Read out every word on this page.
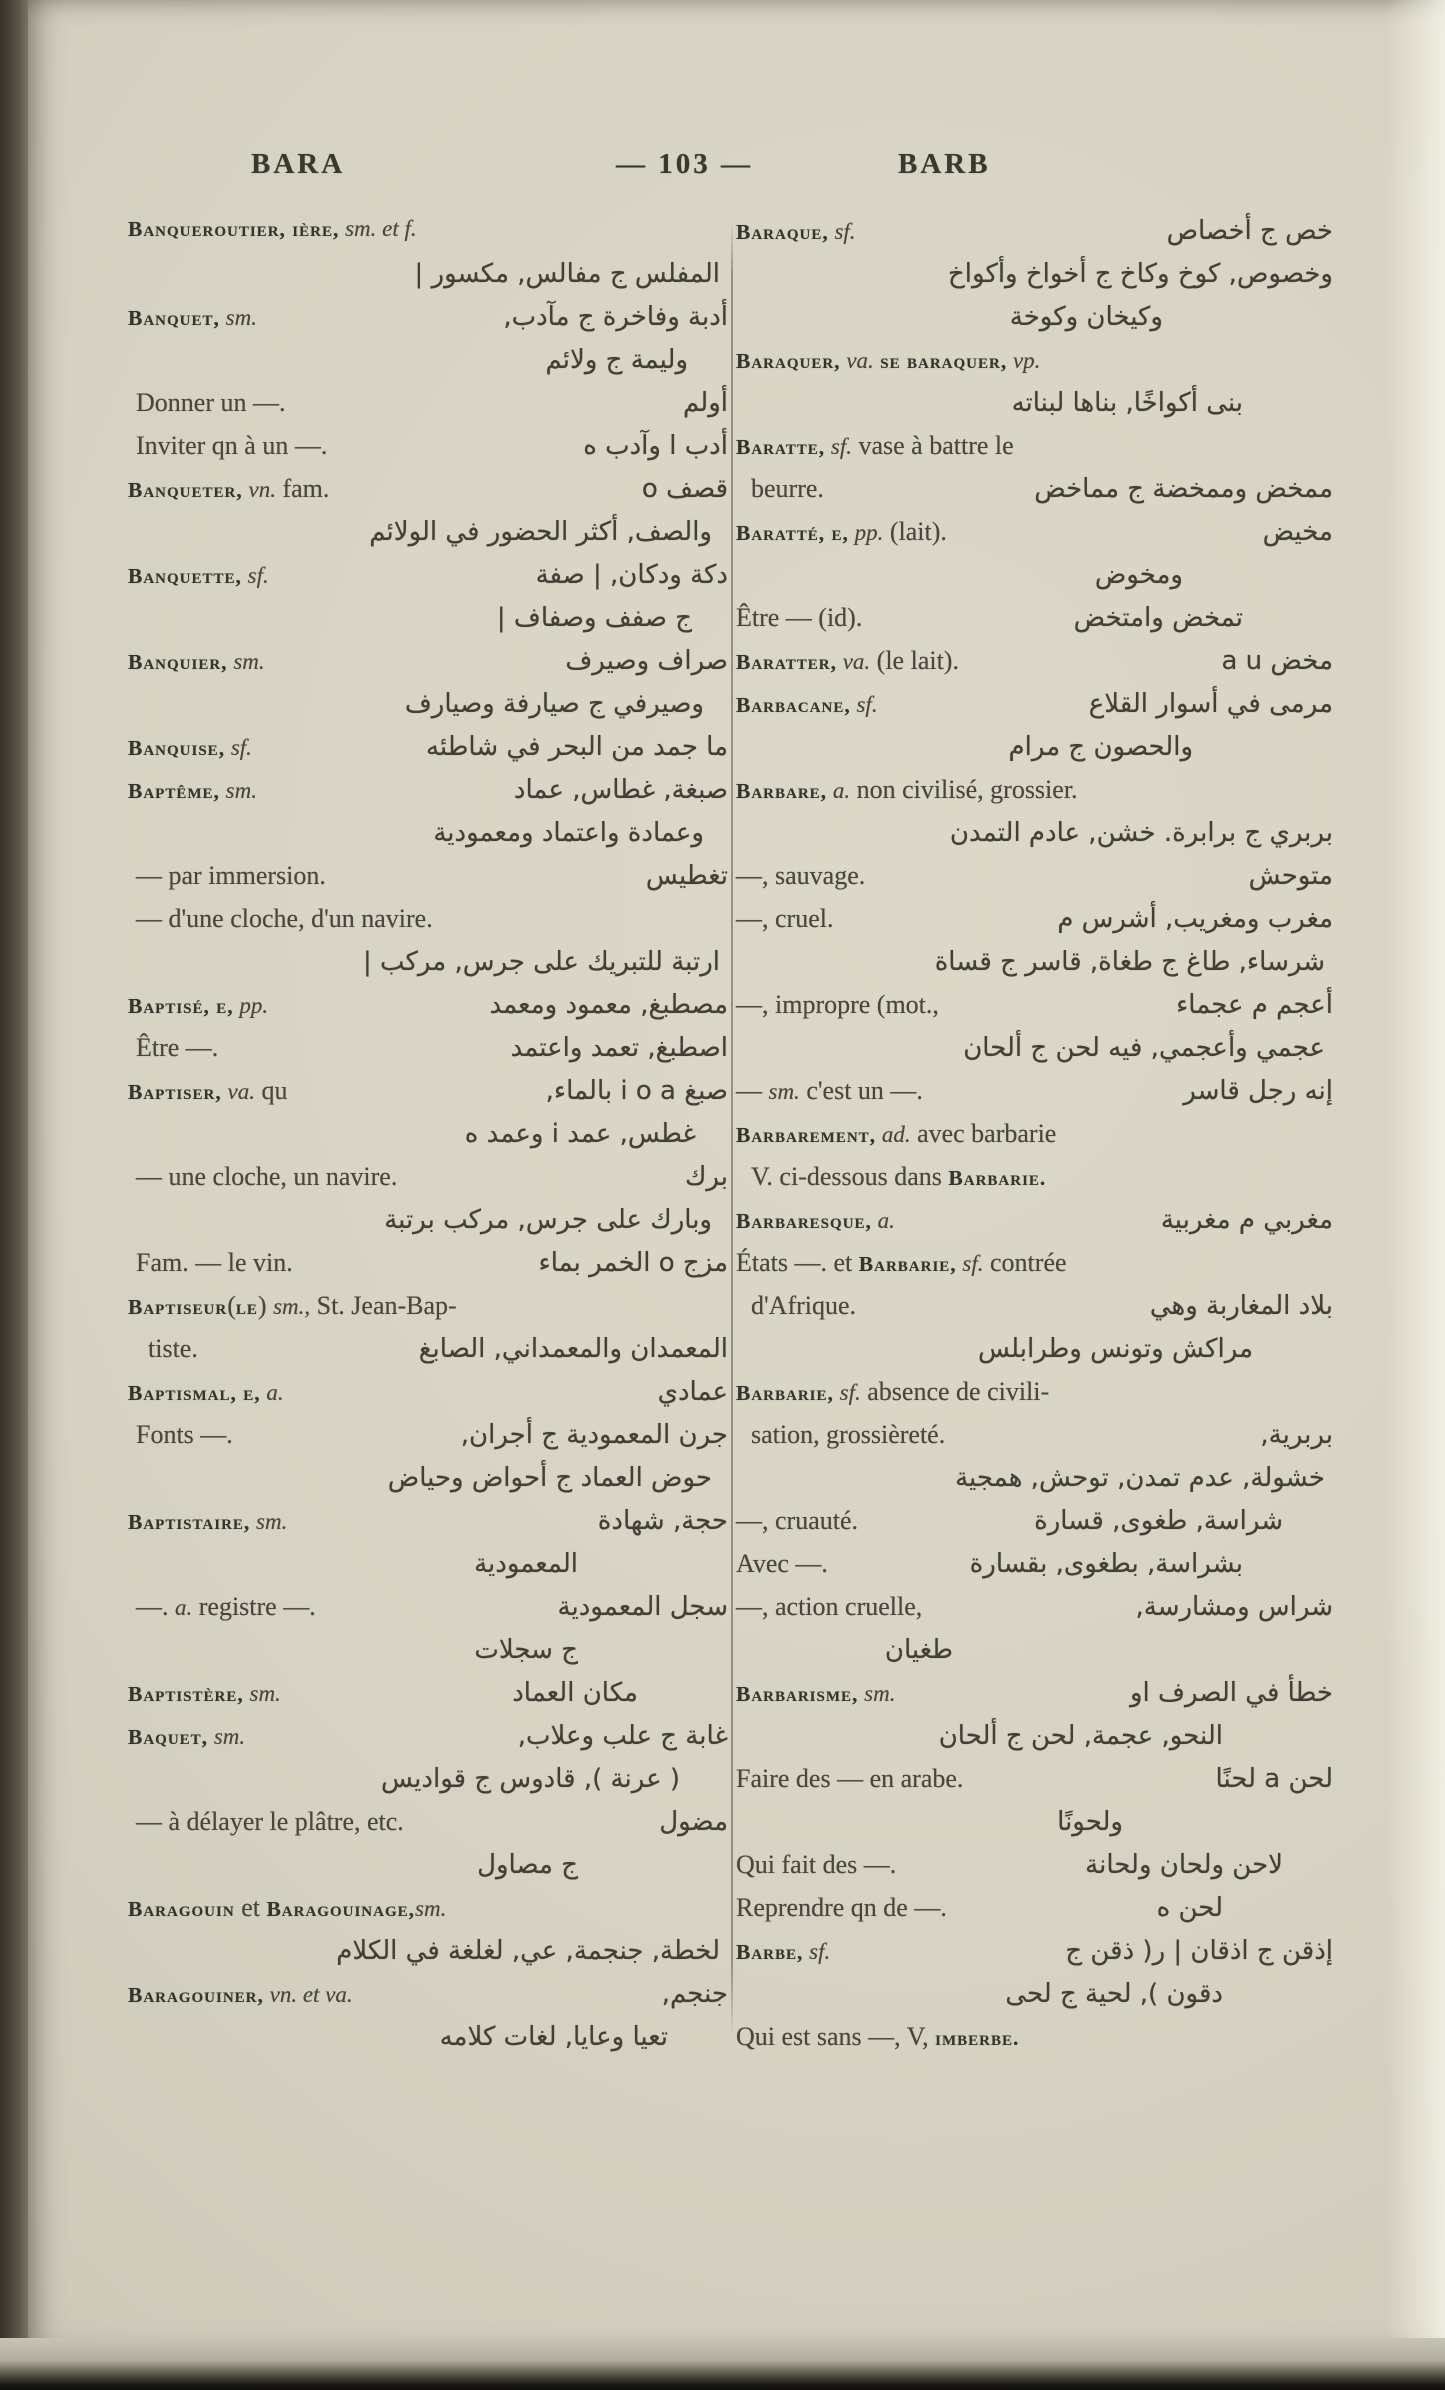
BARA	— 103 —	BARB
Banqueroutier, ière, sm. et f.
المفلس ج مفالس, مكسور |
Banquet, sm.	أدبة وفاخرة ج مآدب,
وليمة ج ولائم
Donner un —.	أولم
Inviter qn à un —.	أدب ا وآدب ه
Banqueter, vn. fam.	قصف o
والصف, أكثر الحضور في الولائم
Banquette, sf.	دكة ودكان, | صفة
ج صفف وصفاف |
Banquier, sm.	صراف وصيرف
وصيرفي ج صيارفة وصيارف
Banquise, sf.	ما جمد من البحر في شاطئه
Baptême, sm.	صبغة, غطاس, عماد
وعمادة واعتماد ومعمودية
— par immersion.	تغطيس
— d'une cloche, d'un navire.
ارتبة للتبريك على جرس, مركب |
Baptisé, e, pp.	مصطبغ, معمود ومعمد
Être —.	اصطبغ, تعمد واعتمد
Baptiser, va. qu	صبغ i o a بالماء,
غطس, عمد i وعمد ه
— une cloche, un navire.	برك
وبارك على جرس, مركب برتبة
Fam. — le vin.	مزج o الخمر بماء
Baptiseur(le) sm., St. Jean-Bap-
tiste.	المعمدان والمعمداني, الصابغ
Baptismal, e, a.	عمادي
Fonts —.	جرن المعمودية ج أجران,
حوض العماد ج أحواض وحياض
Baptistaire, sm.	حجة, شهادة
المعمودية
—. a. registre —.	سجل المعمودية
ج سجلات
Baptistère, sm.	مكان العماد
Baquet, sm.	غابة ج علب وعلاب,
( عرنة ), قادوس ج قواديس
— à délayer le plâtre, etc.	مضول
ج مصاول
Baragouin et Baragouinage,sm.
لخطة, جنجمة, عي, لغلغة في الكلام
Baragouiner, vn. et va.	جنجم,
تعيا وعايا, لغات كلامه
Baraque, sf.	خص ج أخصاص
وخصوص, كوخ وكاخ ج أخواخ وأكواخ
وكيخان وكوخة
Baraquer, va. se baraquer, vp.
بنى أكواخًا, بناها لبناته
Baratte, sf. vase à battre le
beurre.	ممخض وممخضة ج مماخض
Baratté, e, pp. (lait).	مخيض
ومخوض
Être — (id).	تمخض وامتخض
Baratter, va. (le lait).	مخض a u
Barbacane, sf.	مرمى في أسوار القلاع
والحصون ج مرام
Barbare, a. non civilisé, grossier.
بربري ج برابرة. خشن, عادم التمدن
—, sauvage.	متوحش
—, cruel.	مغرب ومغريب, أشرس م
شرساء, طاغ ج طغاة, قاسر ج قساة
—, impropre (mot.,	أعجم م عجماء
عجمي وأعجمي, فيه لحن ج ألحان
— sm. c'est un —.	إنه رجل قاسر
Barbarement, ad. avec barbarie
V. ci-dessous dans Barbarie.
Barbaresque, a.	مغربي م مغربية
États —. et Barbarie, sf. contrée
d'Afrique.	بلاد المغاربة وهي
مراكش وتونس وطرابلس
Barbarie, sf. absence de civili-
sation, grossièreté.	بربرية,
خشولة, عدم تمدن, توحش, همجية
—, cruauté.	شراسة, طغوى, قسارة
Avec —.	بشراسة, بطغوى, بقسارة
—, action cruelle,	شراس ومشارسة,
طغيان
Barbarisme, sm.	خطأ في الصرف او
النحو, عجمة, لحن ج ألحان
Faire des — en arabe.	لحن a لحنًا
ولحونًا
Qui fait des —.	لاحن ولحان ولحانة
Reprendre qn de —.	لحن ه
Barbe, sf.	إذقن ج اذقان | ر( ذقن ج
دقون ), لحية ج لحى
Qui est sans —, V, imberbe.
